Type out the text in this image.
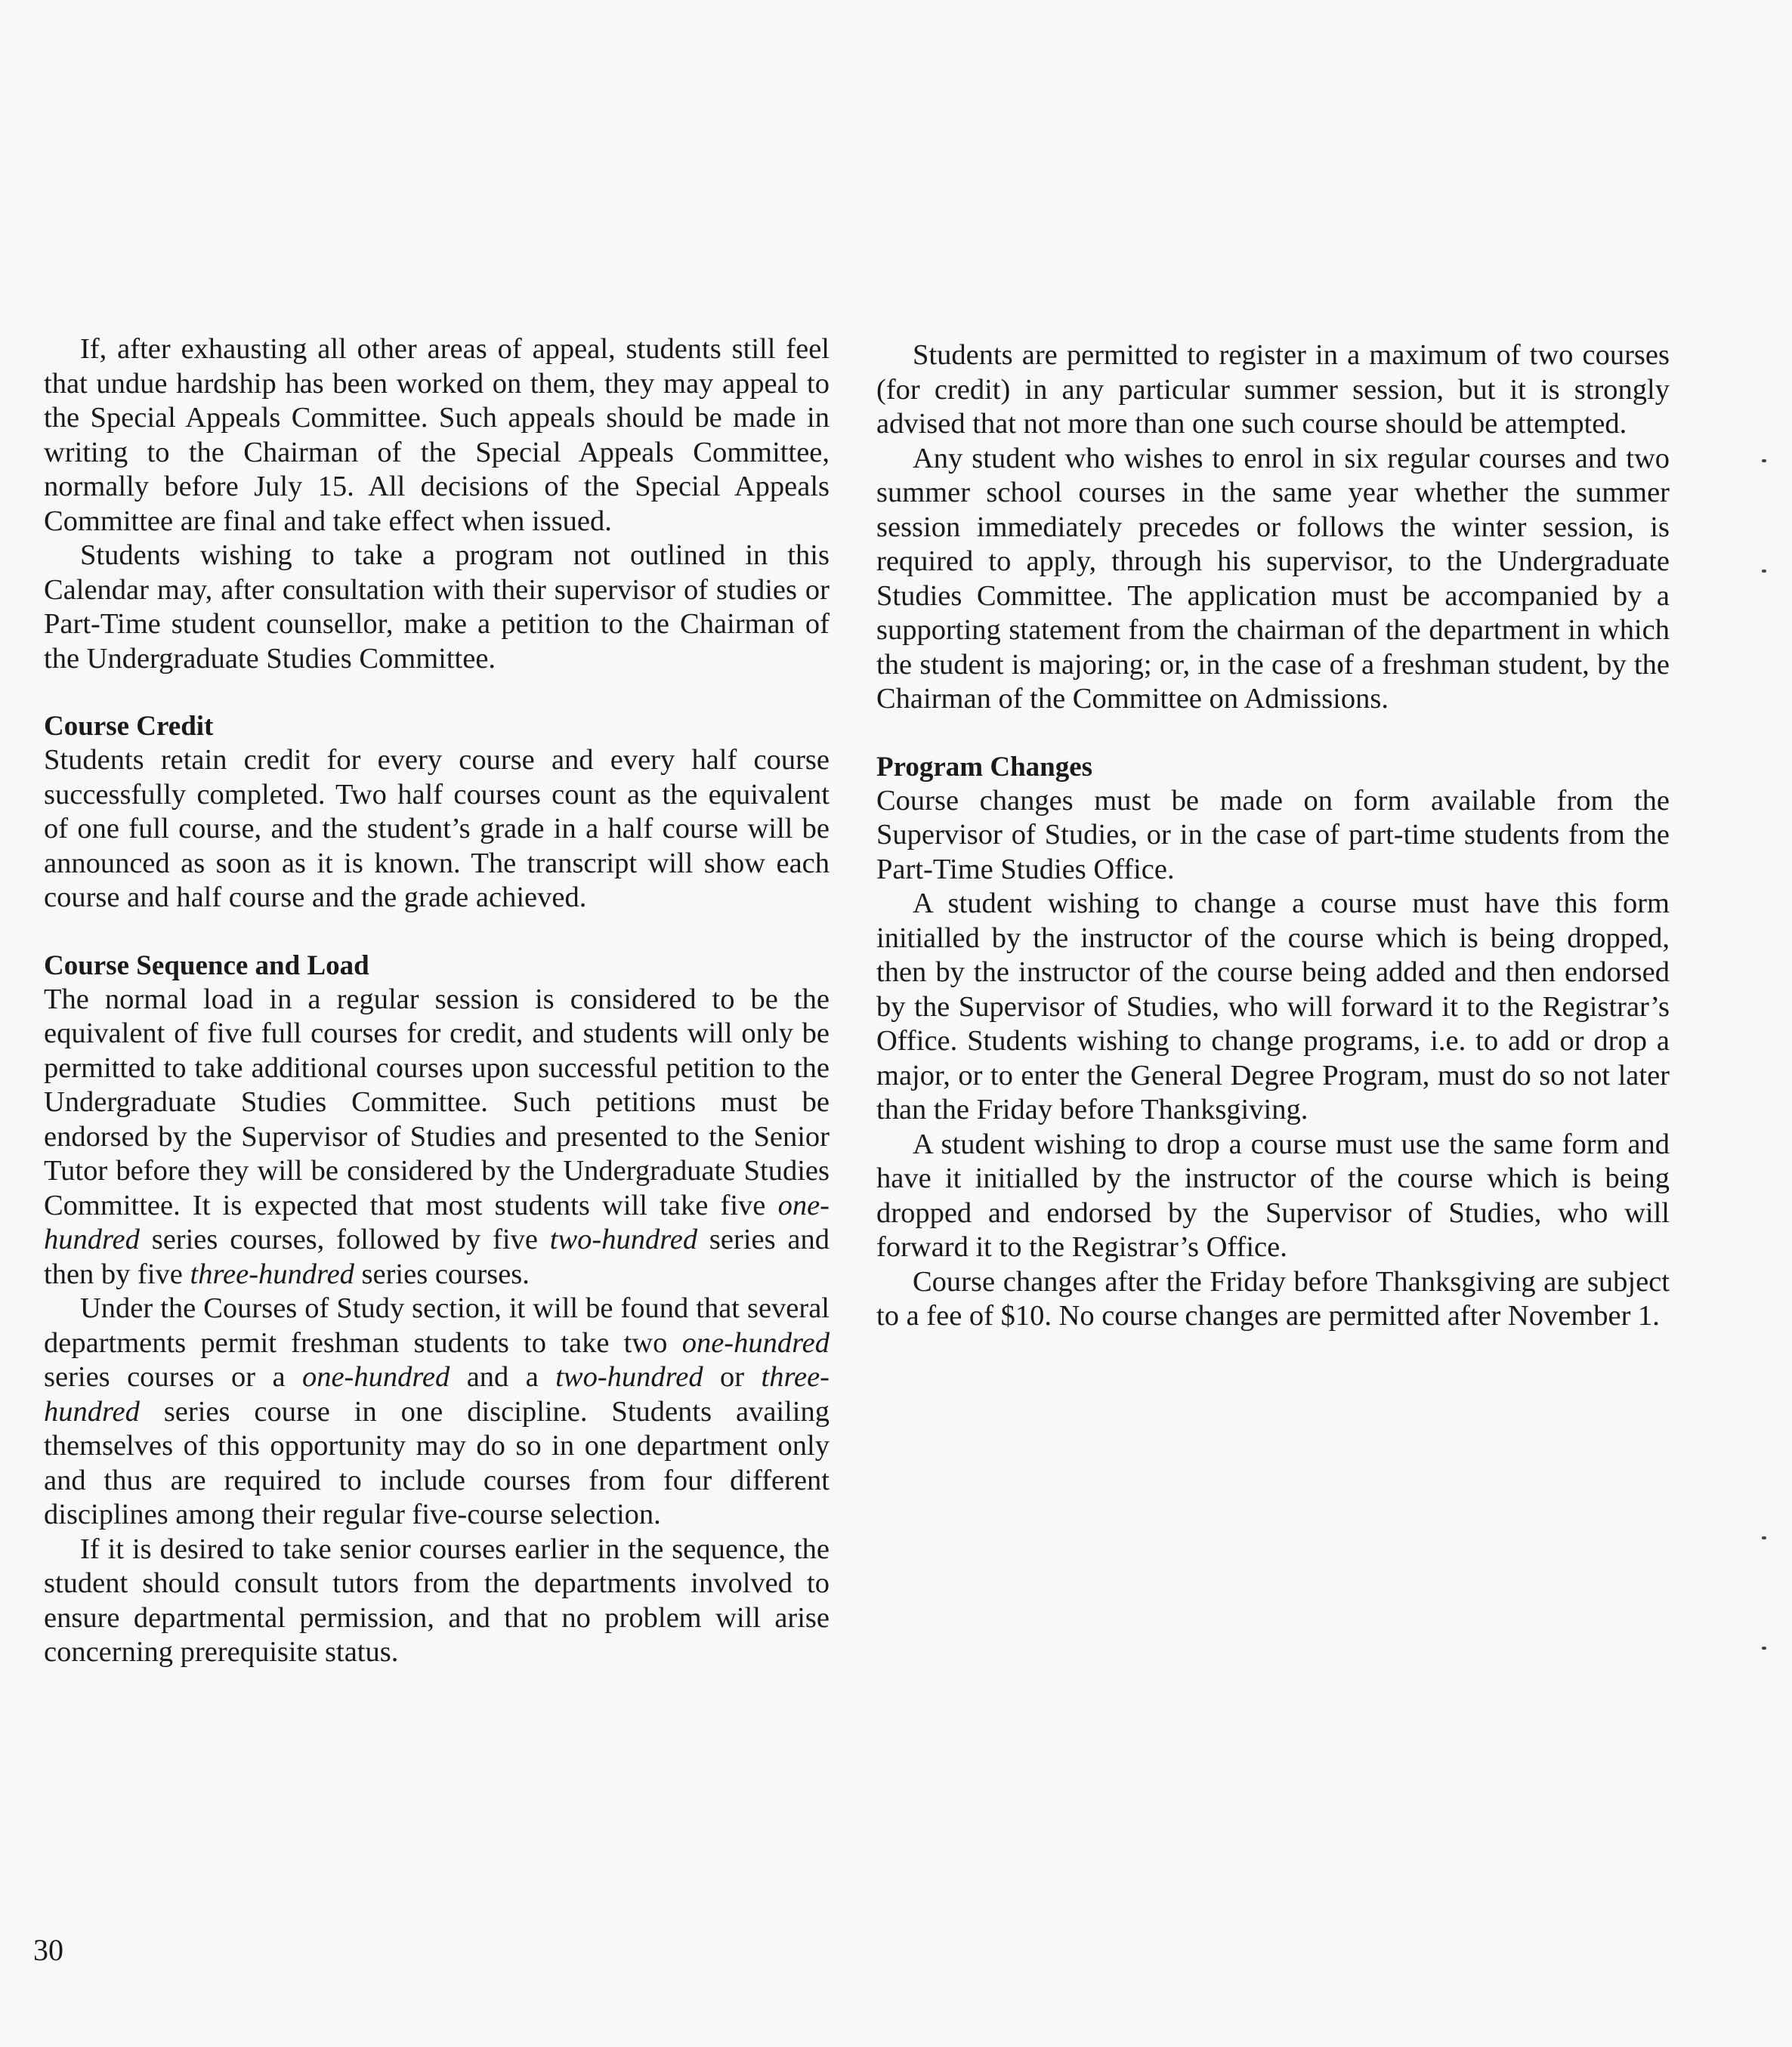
If, after exhausting all other areas of appeal, students still feel that undue hardship has been worked on them, they may appeal to the Special Appeals Committee. Such appeals should be made in writing to the Chairman of the Special Appeals Committee, normally before July 15. All decisions of the Special Appeals Committee are final and take effect when issued.

Students wishing to take a program not outlined in this Calendar may, after consultation with their supervisor of studies or Part-Time student counsellor, make a petition to the Chairman of the Undergraduate Studies Committee.

Course Credit

Students retain credit for every course and every half course successfully completed. Two half courses count as the equivalent of one full course, and the student’s grade in a half course will be announced as soon as it is known. The transcript will show each course and half course and the grade achieved.

Course Sequence and Load

The normal load in a regular session is considered to be the equivalent of five full courses for credit, and students will only be permitted to take additional courses upon successful petition to the Undergraduate Studies Committee. Such petitions must be endorsed by the Supervisor of Studies and presented to the Senior Tutor before they will be considered by the Undergraduate Studies Committee. It is expected that most students will take five one-hundred series courses, followed by five two-hundred series and then by five three-hundred series courses.

Under the Courses of Study section, it will be found that several departments permit freshman students to take two one-hundred series courses or a one-hundred and a two-hundred or three-hundred series course in one discipline. Students availing themselves of this opportunity may do so in one department only and thus are required to include courses from four different disciplines among their regular five-course selection.

If it is desired to take senior courses earlier in the sequence, the student should consult tutors from the departments involved to ensure departmental permission, and that no problem will arise concerning prerequisite status.

Students are permitted to register in a maximum of two courses (for credit) in any particular summer session, but it is strongly advised that not more than one such course should be attempted.

Any student who wishes to enrol in six regular courses and two summer school courses in the same year whether the summer session immediately precedes or follows the winter session, is required to apply, through his supervisor, to the Undergraduate Studies Committee. The application must be accompanied by a supporting statement from the chairman of the department in which the student is majoring; or, in the case of a freshman student, by the Chairman of the Committee on Admissions.

Program Changes

Course changes must be made on form available from the Supervisor of Studies, or in the case of part-time students from the Part-Time Studies Office.

A student wishing to change a course must have this form initialled by the instructor of the course which is being dropped, then by the instructor of the course being added and then endorsed by the Supervisor of Studies, who will forward it to the Registrar’s Office. Students wishing to change programs, i.e. to add or drop a major, or to enter the General Degree Program, must do so not later than the Friday before Thanksgiving.

A student wishing to drop a course must use the same form and have it initialled by the instructor of the course which is being dropped and endorsed by the Supervisor of Studies, who will forward it to the Registrar’s Office.

Course changes after the Friday before Thanksgiving are subject to a fee of $10. No course changes are permitted after November 1.

30
